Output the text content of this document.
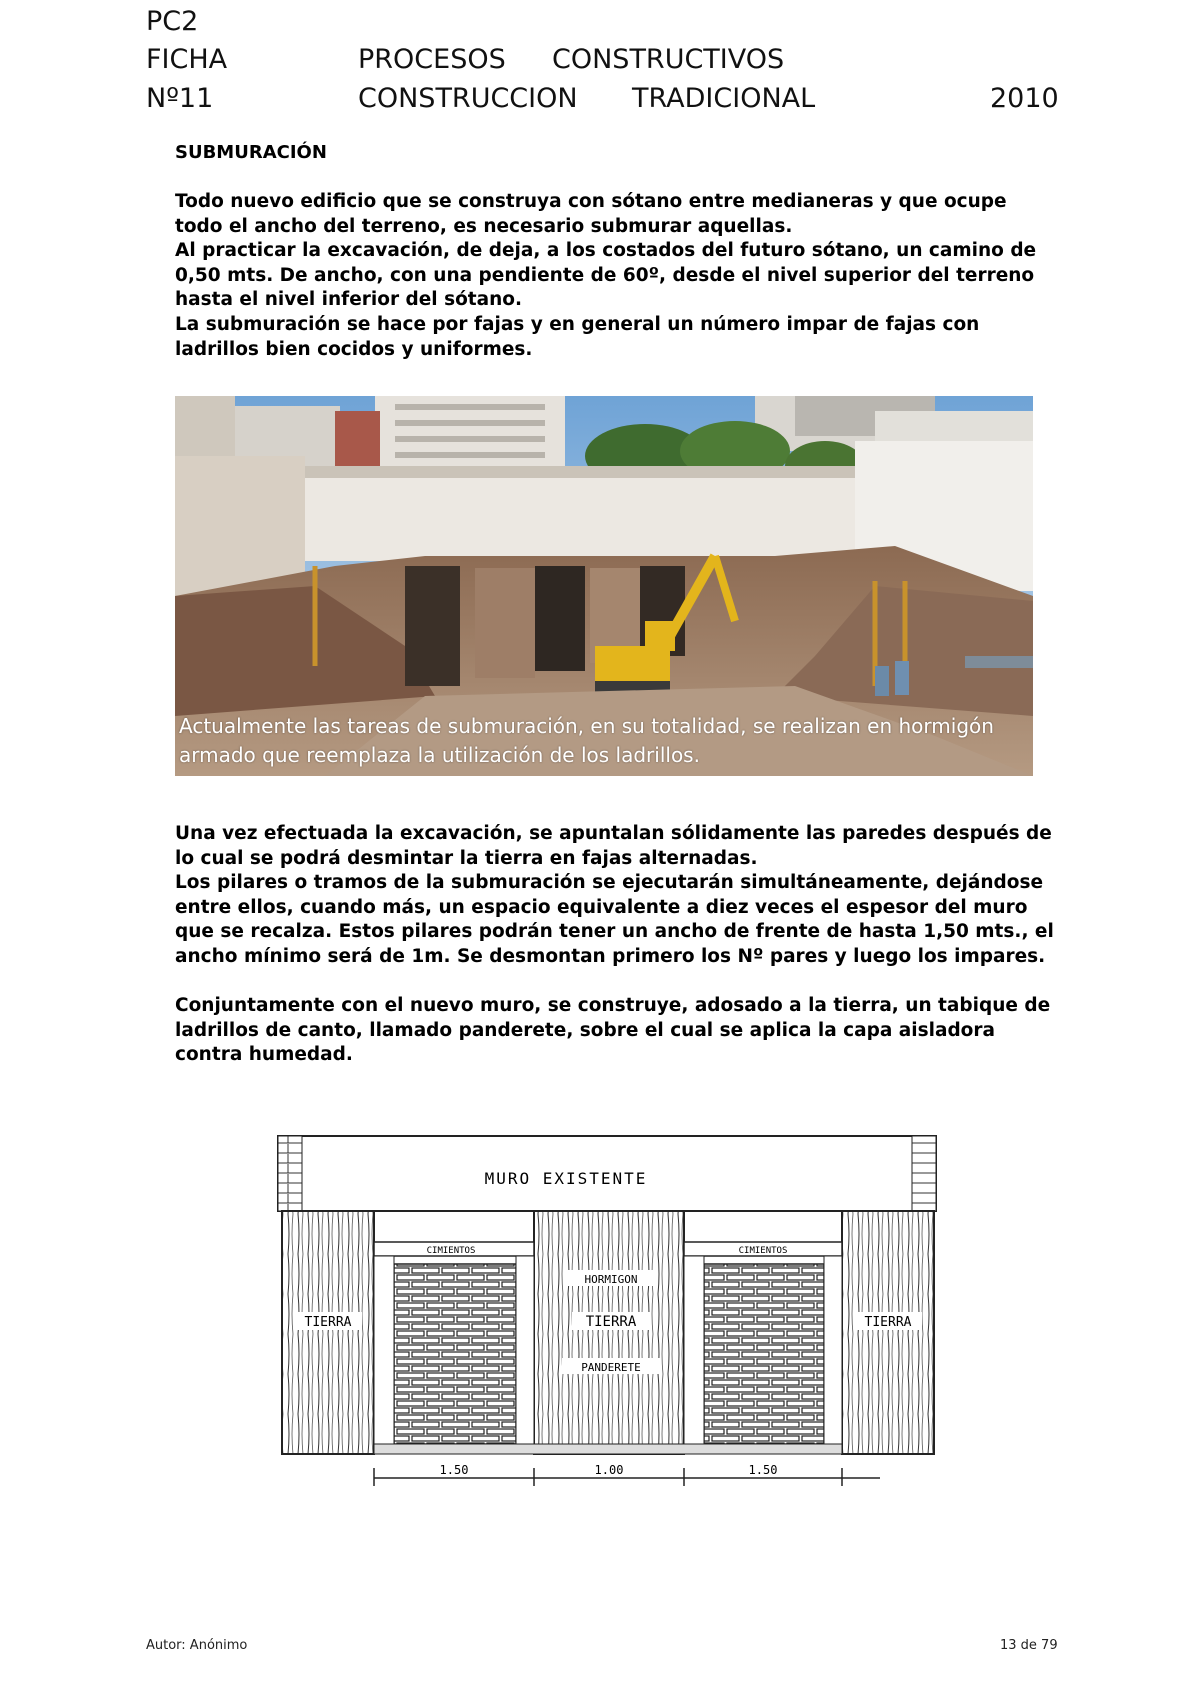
PC2
FICHA	PROCESOS CONSTRUCTIVOS
Nº11	CONSTRUCCION TRADICIONAL	2010
SUBMURACIÓN

Todo nuevo edificio que se construya con sótano entre medianeras y que ocupe todo el ancho del terreno, es necesario submurar aquellas.

Al practicar la excavación, de deja, a los costados del futuro sótano, un camino de 0,50 mts. De ancho, con una pendiente de 60º, desde el nivel superior del terreno hasta el nivel inferior del sótano.

La submuración se hace por fajas y en general un número impar de fajas con ladrillos bien cocidos y uniformes.

Actualmente las tareas de submuración, en su totalidad, se realizan en hormigón armado que reemplaza la utilización de los ladrillos.

Una vez efectuada la excavación, se apuntalan sólidamente las paredes después de lo cual se podrá desmintar la tierra en fajas alternadas.

Los pilares o tramos de la submuración se ejecutarán simultáneamente, dejándose entre ellos, cuando más, un espacio equivalente a diez veces el espesor del muro que se recalza. Estos pilares podrán tener un ancho de frente de hasta 1,50 mts., el ancho mínimo será de 1m. Se desmontan primero los Nº pares y luego los impares.

Conjuntamente con el nuevo muro, se construye, adosado a la tierra, un tabique de ladrillos de canto, llamado panderete, sobre el cual se aplica la capa aisladora contra humedad.

MURO EXISTENTE
CIMIENTOS	CIMIENTOS
HORMIGON
TIERRA
PANDERETE
TIERRA	TIERRA
1.50	1.00	1.50
Autor: Anónimo	13 de 79
